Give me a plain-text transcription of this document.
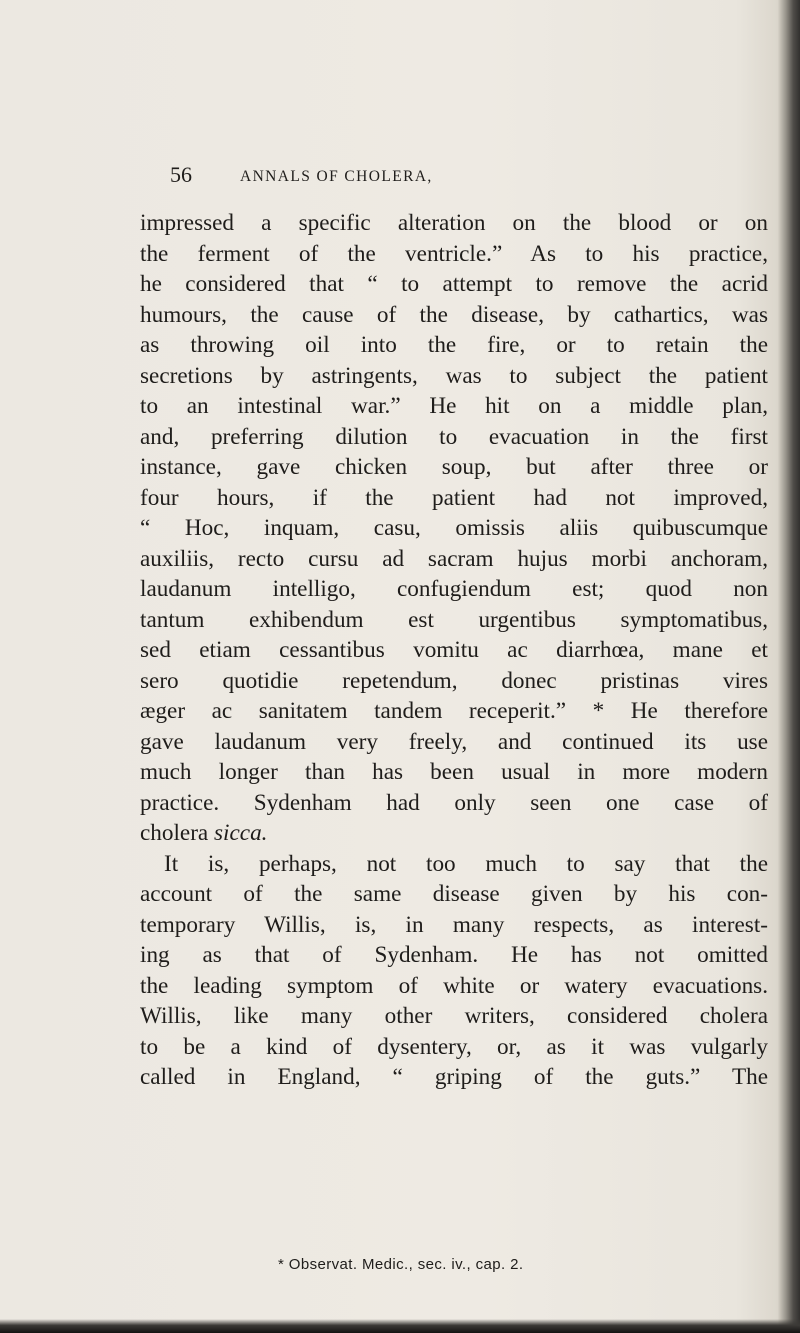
56	ANNALS OF CHOLERA,
impressed a specific alteration on the blood or on
the ferment of the ventricle.” As to his practice,
he considered that “ to attempt to remove the acrid
humours, the cause of the disease, by cathartics, was
as throwing oil into the fire, or to retain the
secretions by astringents, was to subject the patient
to an intestinal war.” He hit on a middle plan,
and, preferring dilution to evacuation in the first
instance, gave chicken soup, but after three or
four hours, if the patient had not improved,
“ Hoc, inquam, casu, omissis aliis quibuscumque
auxiliis, recto cursu ad sacram hujus morbi anchoram,
laudanum intelligo, confugiendum est; quod non
tantum exhibendum est urgentibus symptomatibus,
sed etiam cessantibus vomitu ac diarrhœa, mane et
sero quotidie repetendum, donec pristinas vires
æger ac sanitatem tandem receperit.” * He therefore
gave laudanum very freely, and continued its use
much longer than has been usual in more modern
practice. Sydenham had only seen one case of
cholera sicca.
It is, perhaps, not too much to say that the
account of the same disease given by his con-
temporary Willis, is, in many respects, as interest-
ing as that of Sydenham. He has not omitted
the leading symptom of white or watery evacuations.
Willis, like many other writers, considered cholera
to be a kind of dysentery, or, as it was vulgarly
called in England, “ griping of the guts.” The
* Observat. Medic., sec. iv., cap. 2.
